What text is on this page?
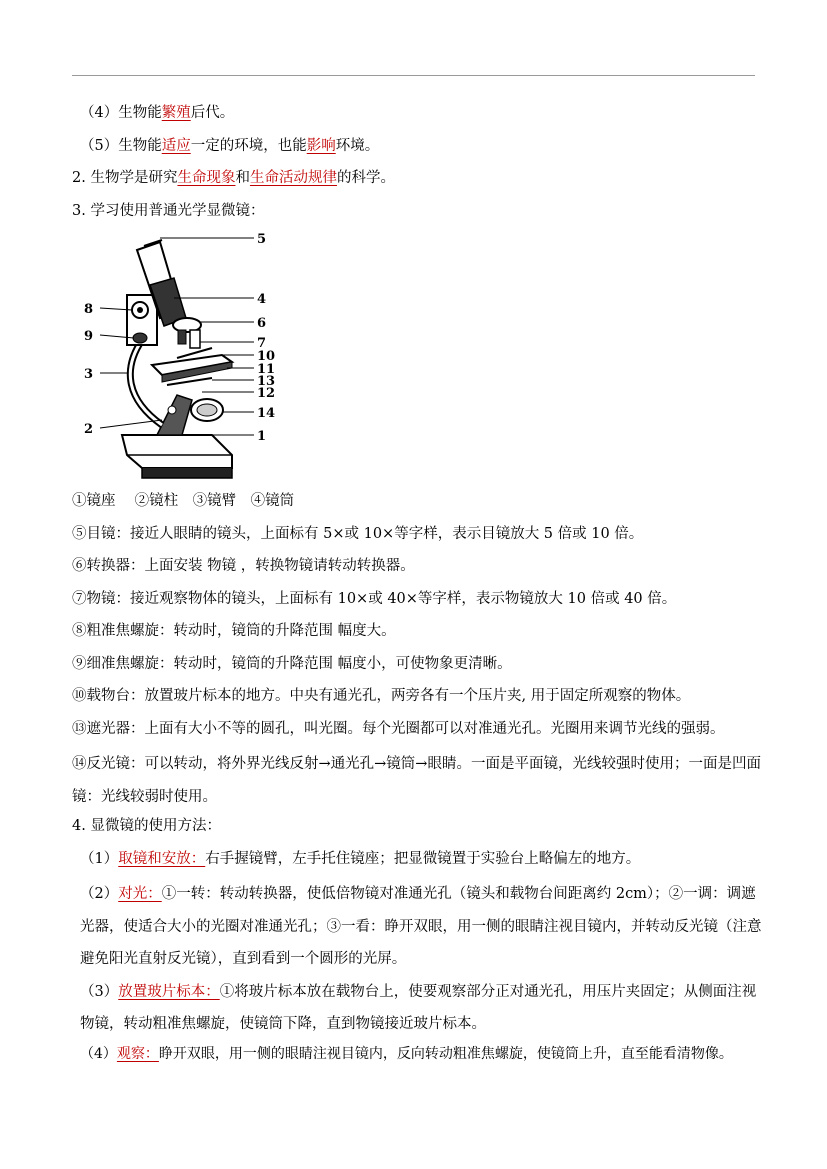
（4）生物能繁殖后代。
（5）生物能适应一定的环境，也能影响环境。
2. 生物学是研究生命现象和生命活动规律的科学。
3. 学习使用普通光学显微镜：
5
4
6
7
10
11
13
12
14
1
8
9
3
2
①镜座　 ②镜柱　③镜臂　④镜筒
⑤目镜：接近人眼睛的镜头，上面标有 5×或 10×等字样，表示目镜放大 5 倍或 10 倍。
⑥转换器：上面安装 物镜 ，转换物镜请转动转换器。
⑦物镜：接近观察物体的镜头，上面标有 10×或 40×等字样，表示物镜放大 10 倍或 40 倍。
⑧粗准焦螺旋：转动时，镜筒的升降范围 幅度大。
⑨细准焦螺旋：转动时，镜筒的升降范围 幅度小，可使物象更清晰。
⑩载物台：放置玻片标本的地方。中央有通光孔，两旁各有一个压片夹, 用于固定所观察的物体。
⑬遮光器：上面有大小不等的圆孔，叫光圈。每个光圈都可以对准通光孔。光圈用来调节光线的强弱。
⑭反光镜：可以转动，将外界光线反射→通光孔→镜筒→眼睛。一面是平面镜，光线较强时使用；一面是凹面镜：光线较弱时使用。
4. 显微镜的使用方法：
（1）取镜和安放：右手握镜臂，左手托住镜座；把显微镜置于实验台上略偏左的地方。
（2）对光：①一转：转动转换器，使低倍物镜对准通光孔（镜头和载物台间距离约 2cm）；②一调：调遮光器，使适合大小的光圈对准通光孔；③一看：睁开双眼，用一侧的眼睛注视目镜内，并转动反光镜（注意避免阳光直射反光镜），直到看到一个圆形的光屏。
（3）放置玻片标本：①将玻片标本放在载物台上，使要观察部分正对通光孔，用压片夹固定；从侧面注视物镜，转动粗准焦螺旋，使镜筒下降，直到物镜接近玻片标本。
（4）观察：睁开双眼，用一侧的眼睛注视目镜内，反向转动粗准焦螺旋，使镜筒上升，直至能看清物像。
